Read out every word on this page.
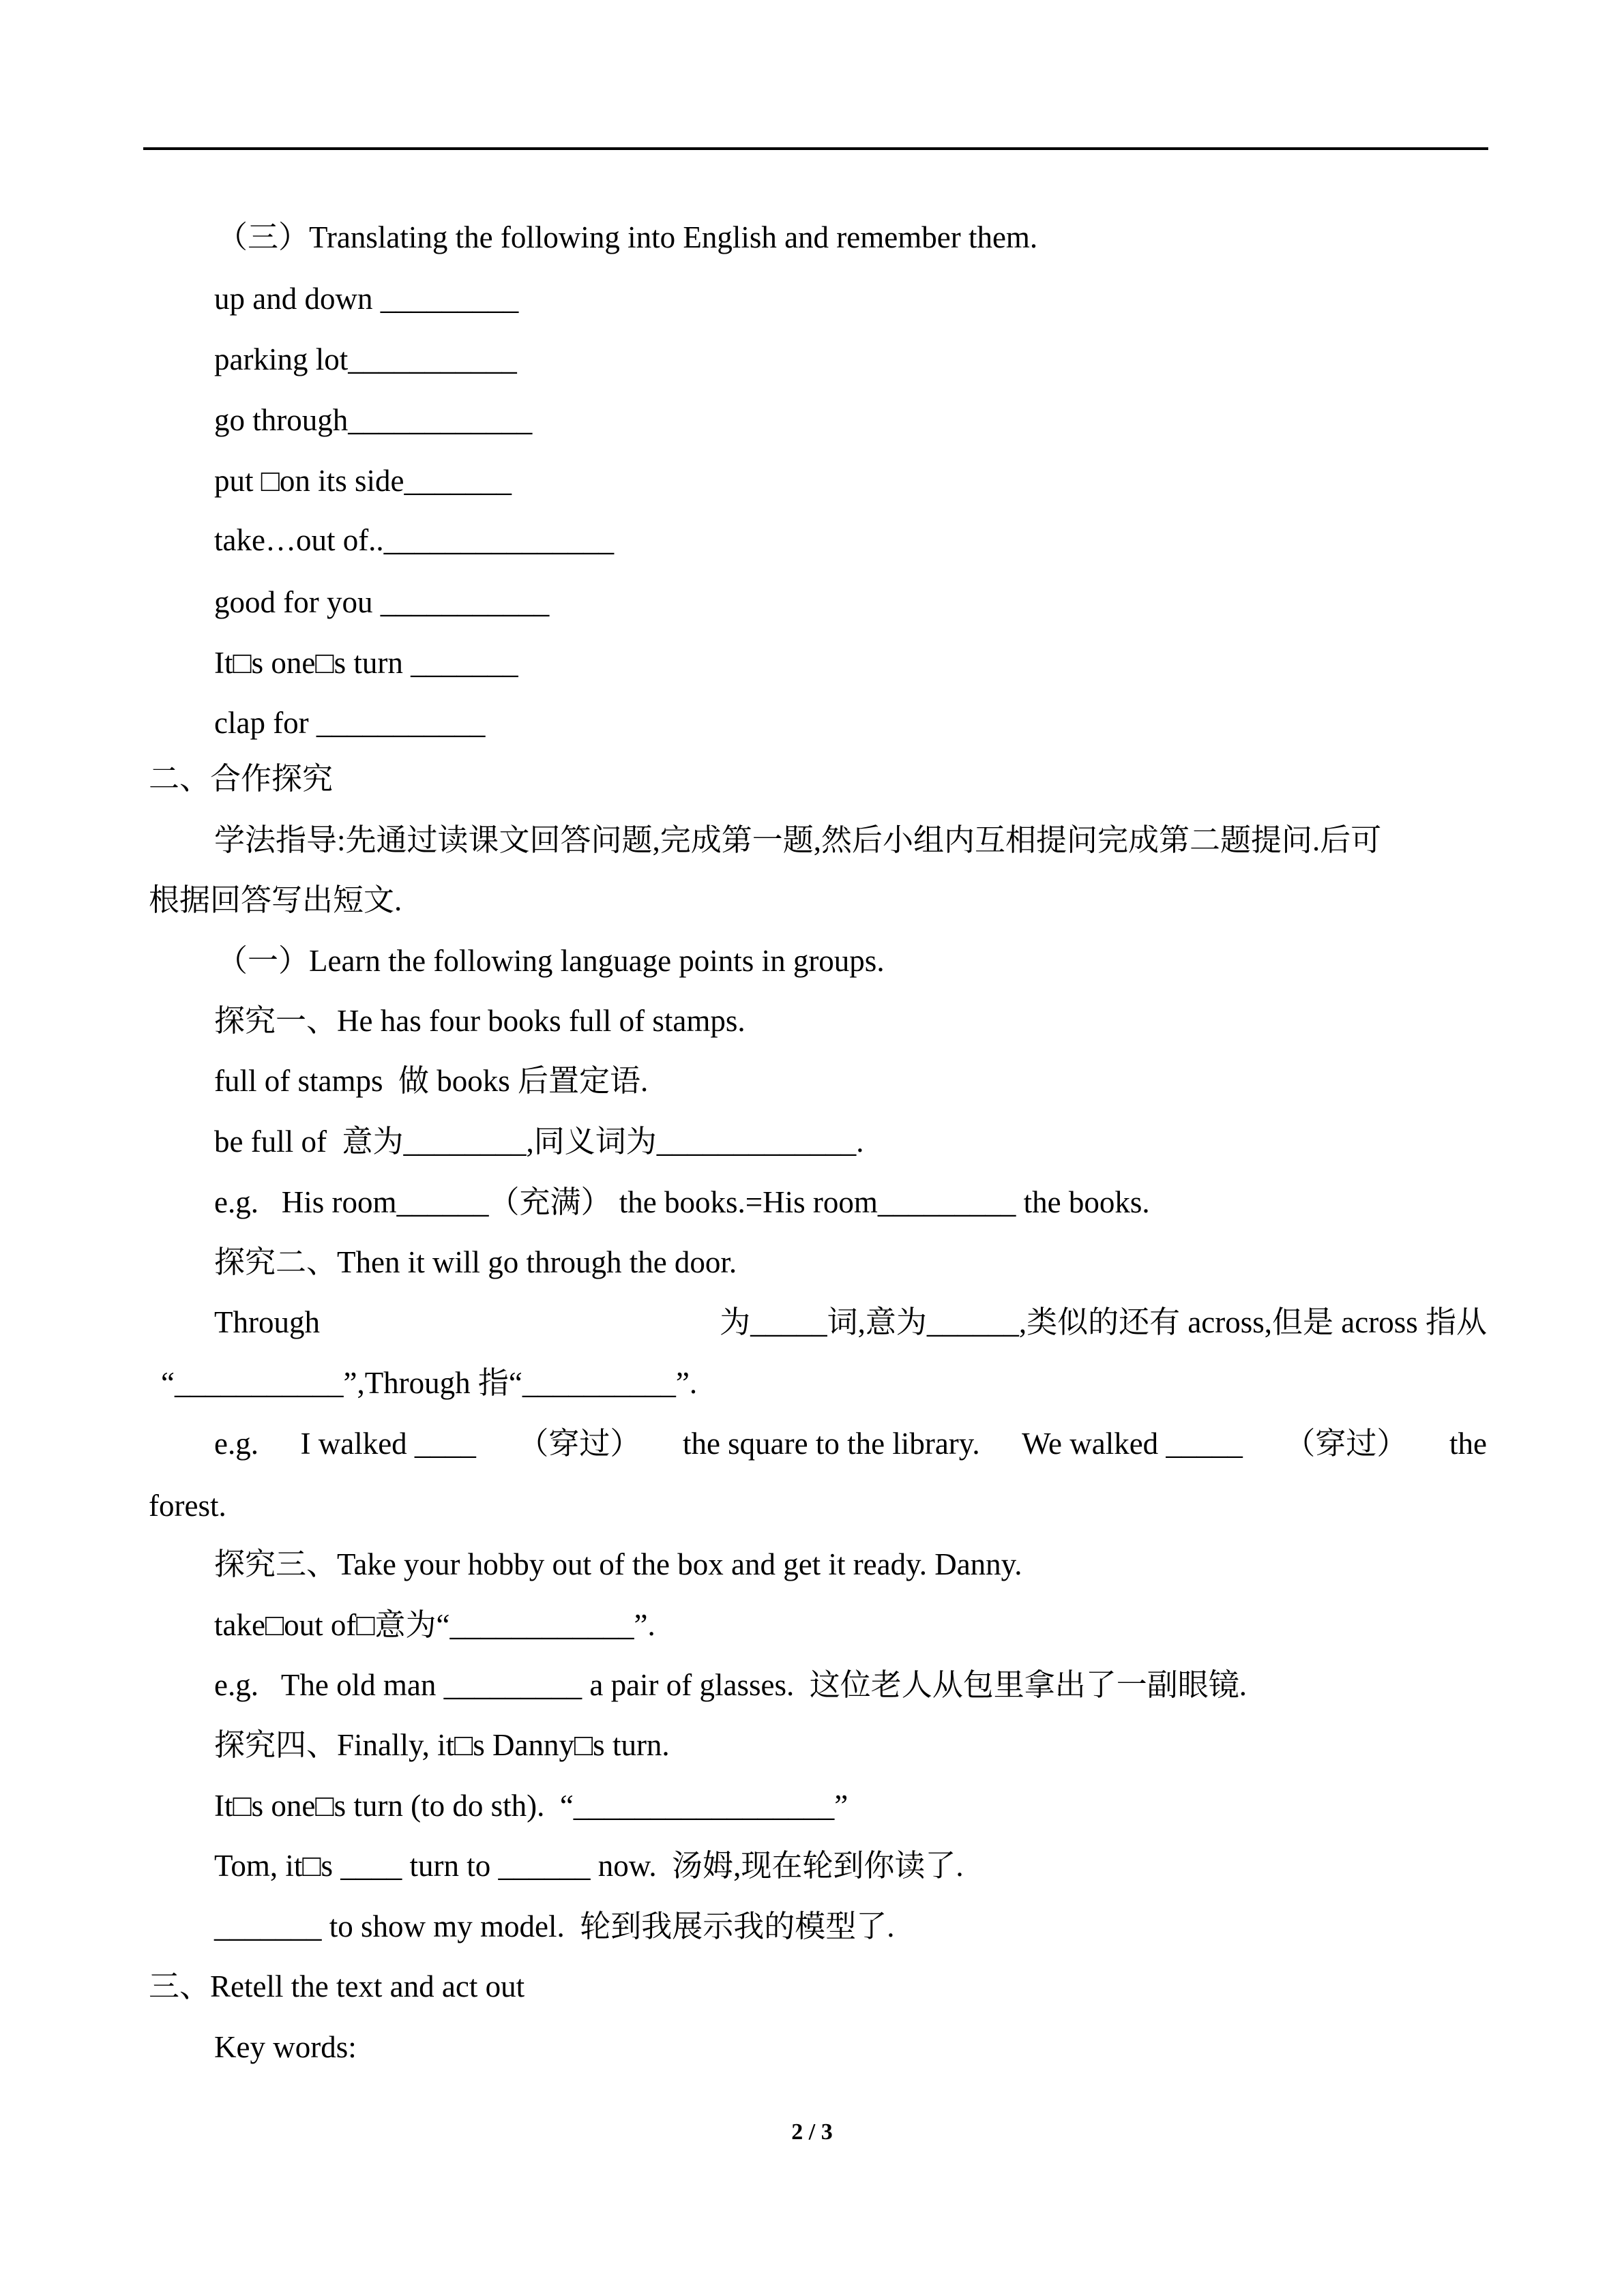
（三）Translating the following into English and remember them.
up and down _________
parking lot___________
go through____________
put □on its side_______
take…out of.._______________
good for you ___________
It□s one□s turn _______
clap for ___________
二、合作探究
学法指导:先通过读课文回答问题,完成第一题,然后小组内互相提问完成第二题提问.后可
根据回答写出短文.
（一）Learn the following language points in groups.
探究一、He has four books full of stamps.
full of stamps  做 books 后置定语.
be full of  意为________,同义词为_____________.
e.g.   His room______（充满） the books.=His room_________ the books.
探究二、Then it will go through the door.
Through	为_____词,意为______,类似的还有 across,但是 across 指从
“___________”,Through 指“__________”.
e.g. I walked ____ （穿过） the square to the library. We walked _____ （穿过） the
forest.
探究三、Take your hobby out of the box and get it ready. Danny.
take□out of□意为“____________”.
e.g.   The old man _________ a pair of glasses.  这位老人从包里拿出了一副眼镜.
探究四、Finally, it□s Danny□s turn.
It□s one□s turn (to do sth).  “_________________”
Tom, it□s ____ turn to ______ now.  汤姆,现在轮到你读了.
_______ to show my model.  轮到我展示我的模型了.
三、Retell the text and act out
Key words:
2 / 3
